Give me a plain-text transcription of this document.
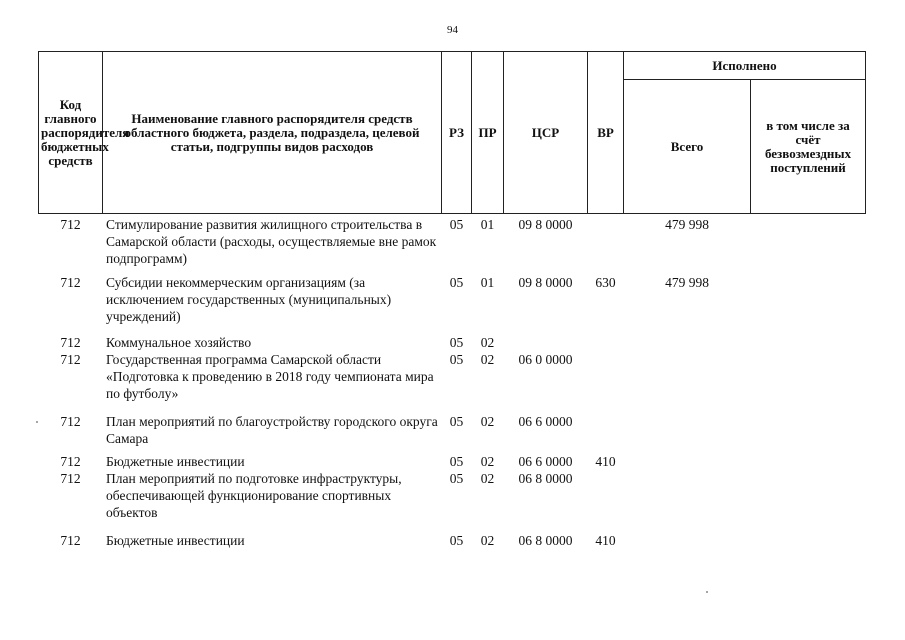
94
Код главного распорядителя бюджетных средств	Наименование главного распорядителя средств областного бюджета, раздела, подраздела, целевой статьи, подгруппы видов расходов	РЗ	ПР	ЦСР	ВР	Исполнено	
						Всего	в том числе за счёт безвозмездных поступлений
712	Стимулирование развития жилищного строительства в Самарской области (расходы, осуществляемые вне рамок подпрограмм)	05	01	09 8 0000		479 998	
712	Субсидии некоммерческим организациям (за исключением государственных (муниципальных) учреждений)	05	01	09 8 0000	630	479 998	
712	Коммунальное хозяйство	05	02				
712	Государственная программа Самарской области «Подготовка к проведению в 2018 году чемпионата мира по футболу»	05	02	06 0 0000			
712	План мероприятий по благоустройству городского округа Самара	05	02	06 6 0000			
712	Бюджетные инвестиции	05	02	06 6 0000	410		
712	План мероприятий по подготовке инфраструктуры, обеспечивающей функционирование спортивных объектов	05	02	06 8 0000			
712	Бюджетные инвестиции	05	02	06 8 0000	410		
